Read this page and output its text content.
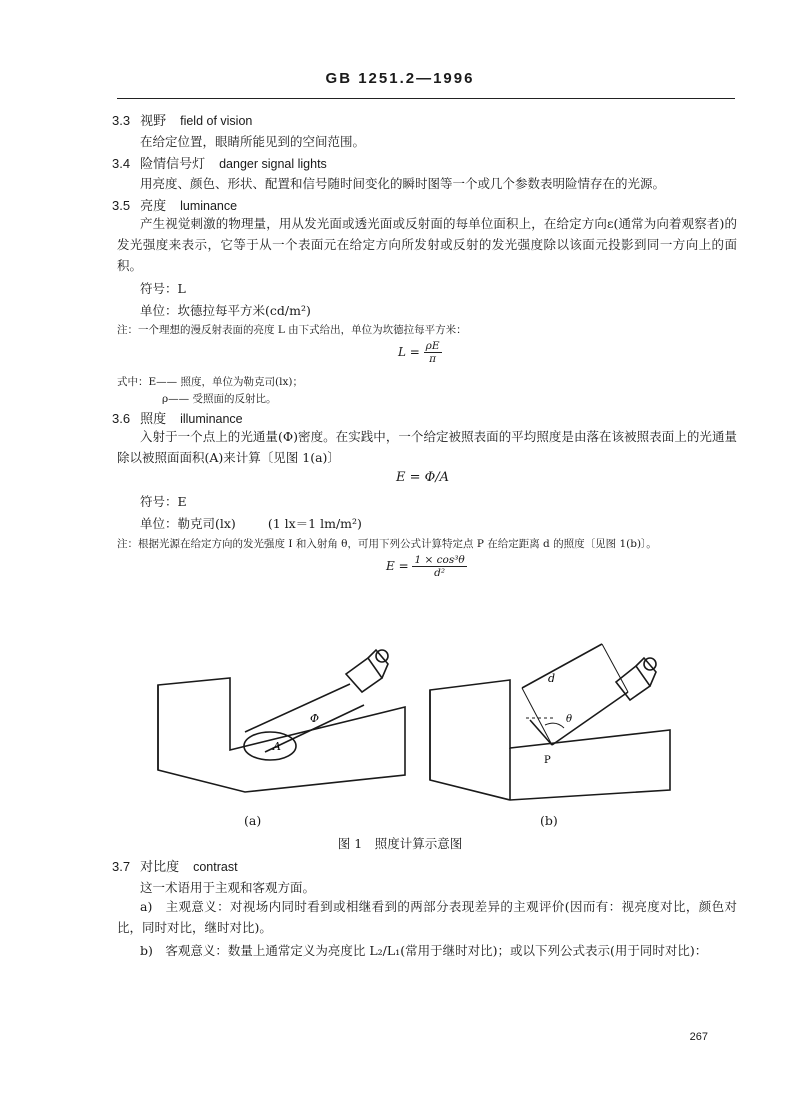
GB 1251.2—1996
3.3 视野 field of vision
在给定位置，眼睛所能见到的空间范围。
3.4 险情信号灯 danger signal lights
用亮度、颜色、形状、配置和信号随时间变化的瞬时图等一个或几个参数表明险情存在的光源。
3.5 亮度 luminance
产生视觉刺激的物理量，用从发光面或透光面或反射面的每单位面积上，在给定方向ε(通常为向着观察者)的发光强度来表示，它等于从一个表面元在给定方向所发射或反射的发光强度除以该面元投影到同一方向上的面积。
符号：L
单位：坎德拉每平方米(cd/m²)
注：一个理想的漫反射表面的亮度 L 由下式给出，单位为坎德拉每平方米：
$L = \frac{\rho E}{\pi}$
式中：E—— 照度，单位为勒克司(lx)；
ρ—— 受照面的反射比。
3.6 照度 illuminance
入射于一个点上的光通量(Φ)密度。在实践中，一个给定被照表面的平均照度是由落在该被照表面上的光通量除以被照面面积(A)来计算〔见图 1(a)〕
E = Φ/A
符号：E
单位：勒克司(lx)	(1 lx＝1 lm/m²)
注：根据光源在给定方向的发光强度 I 和入射角 θ，可用下列公式计算特定点 P 在给定距离 d 的照度〔见图 1(b)〕。
$E = \frac{\text{1 × cos³θ}}{\text{d²}}$
Φ
A
d
θ
P
(a)	(b)
图 1　照度计算示意图
3.7 对比度 contrast
这一术语用于主观和客观方面。
a)　主观意义：对视场内同时看到或相继看到的两部分表现差异的主观评价(因而有：视亮度对比，颜色对比，同时对比，继时对比)。
b)　客观意义：数量上通常定义为亮度比 L₂/L₁(常用于继时对比)；或以下列公式表示(用于同时对比)：
267
